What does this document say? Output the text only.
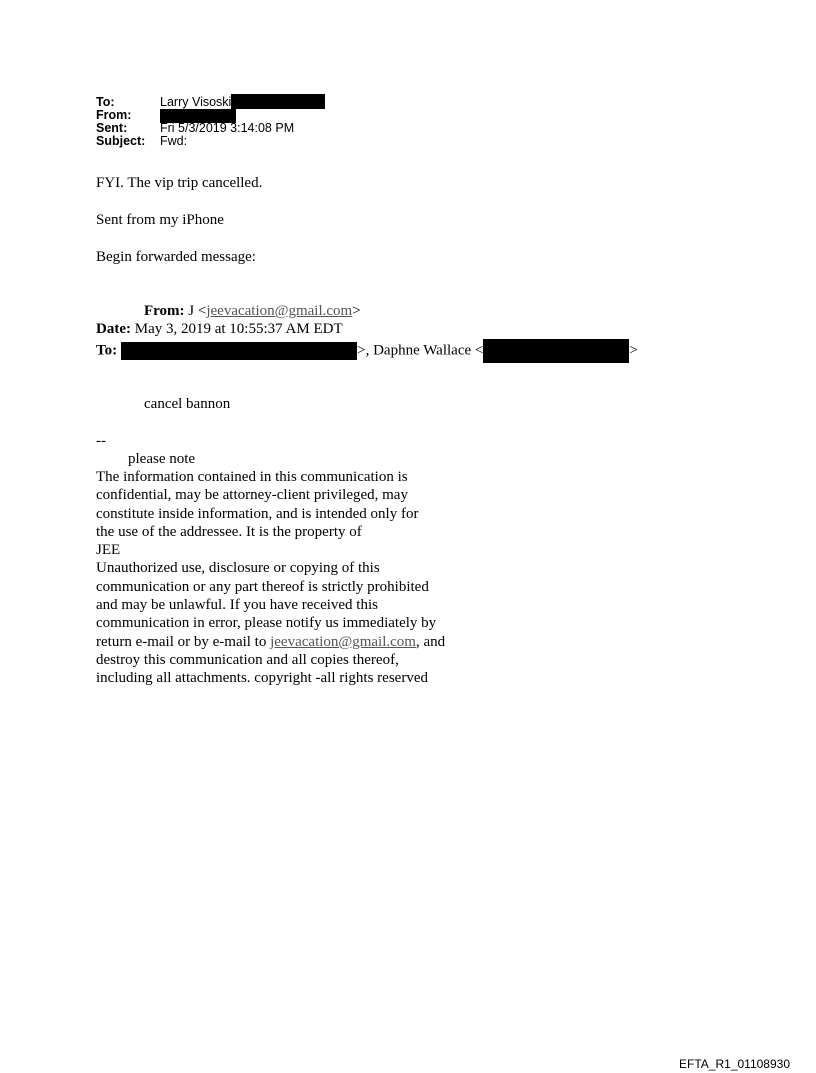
To:	Larry Visoski
From:
Sent:	Fri 5/3/2019 3:14:08 PM
Subject: Fwd:
FYI. The vip trip cancelled.
Sent from my iPhone
Begin forwarded message:
From: J <jeevacation@gmail.com>
Date: May 3, 2019 at 10:55:37 AM EDT
To:	>, Daphne Wallace <	>
cancel bannon
--
please note
The information contained in this communication is
confidential, may be attorney-client privileged, may
constitute inside information, and is intended only for
the use of the addressee. It is the property of
JEE
Unauthorized use, disclosure or copying of this
communication or any part thereof is strictly prohibited
and may be unlawful. If you have received this
communication in error, please notify us immediately by
return e-mail or by e-mail to jeevacation@gmail.com, and
destroy this communication and all copies thereof,
including all attachments. copyright -all rights reserved
EFTA_R1_01108930
